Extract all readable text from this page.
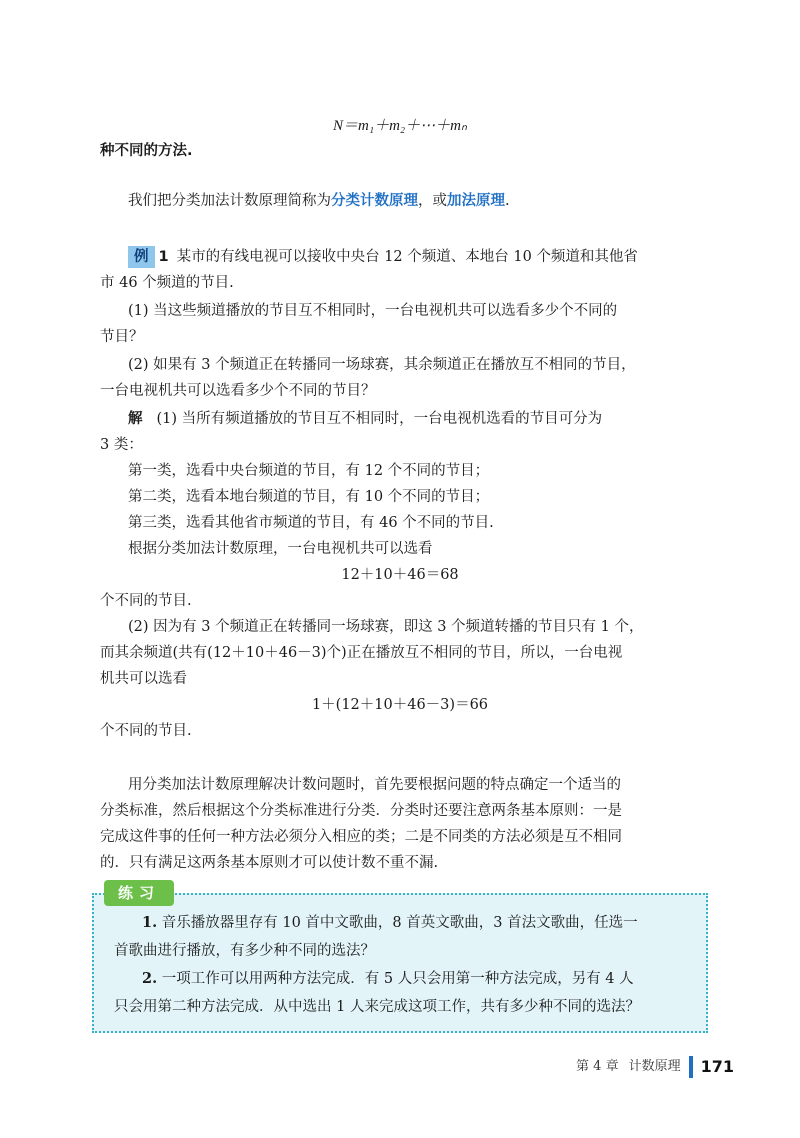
N＝m₁＋m₂＋⋯＋mₙ
种不同的方法.
我们把分类加法计数原理简称为分类计数原理，或加法原理.
例 1 某市的有线电视可以接收中央台 12 个频道、本地台 10 个频道和其他省
市 46 个频道的节目.
(1) 当这些频道播放的节目互不相同时，一台电视机共可以选看多少个不同的
节目？
(2) 如果有 3 个频道正在转播同一场球赛，其余频道正在播放互不相同的节目，
一台电视机共可以选看多少个不同的节目？
解 (1) 当所有频道播放的节目互不相同时，一台电视机选看的节目可分为
3 类：
第一类，选看中央台频道的节目，有 12 个不同的节目；
第二类，选看本地台频道的节目，有 10 个不同的节目；
第三类，选看其他省市频道的节目，有 46 个不同的节目.
根据分类加法计数原理，一台电视机共可以选看
12＋10＋46＝68
个不同的节目.
(2) 因为有 3 个频道正在转播同一场球赛，即这 3 个频道转播的节目只有 1 个，
而其余频道(共有(12＋10＋46－3)个)正在播放互不相同的节目，所以，一台电视
机共可以选看
1＋(12＋10＋46－3)＝66
个不同的节目.
用分类加法计数原理解决计数问题时，首先要根据问题的特点确定一个适当的
分类标准，然后根据这个分类标准进行分类．分类时还要注意两条基本原则：一是
完成这件事的任何一种方法必须分入相应的类；二是不同类的方法必须是互不相同
的．只有满足这两条基本原则才可以使计数不重不漏.
练习
1. 音乐播放器里存有 10 首中文歌曲，8 首英文歌曲，3 首法文歌曲，任选一
首歌曲进行播放，有多少种不同的选法？
2. 一项工作可以用两种方法完成．有 5 人只会用第一种方法完成，另有 4 人
只会用第二种方法完成．从中选出 1 人来完成这项工作，共有多少种不同的选法？
第 4 章 计数原理 171
